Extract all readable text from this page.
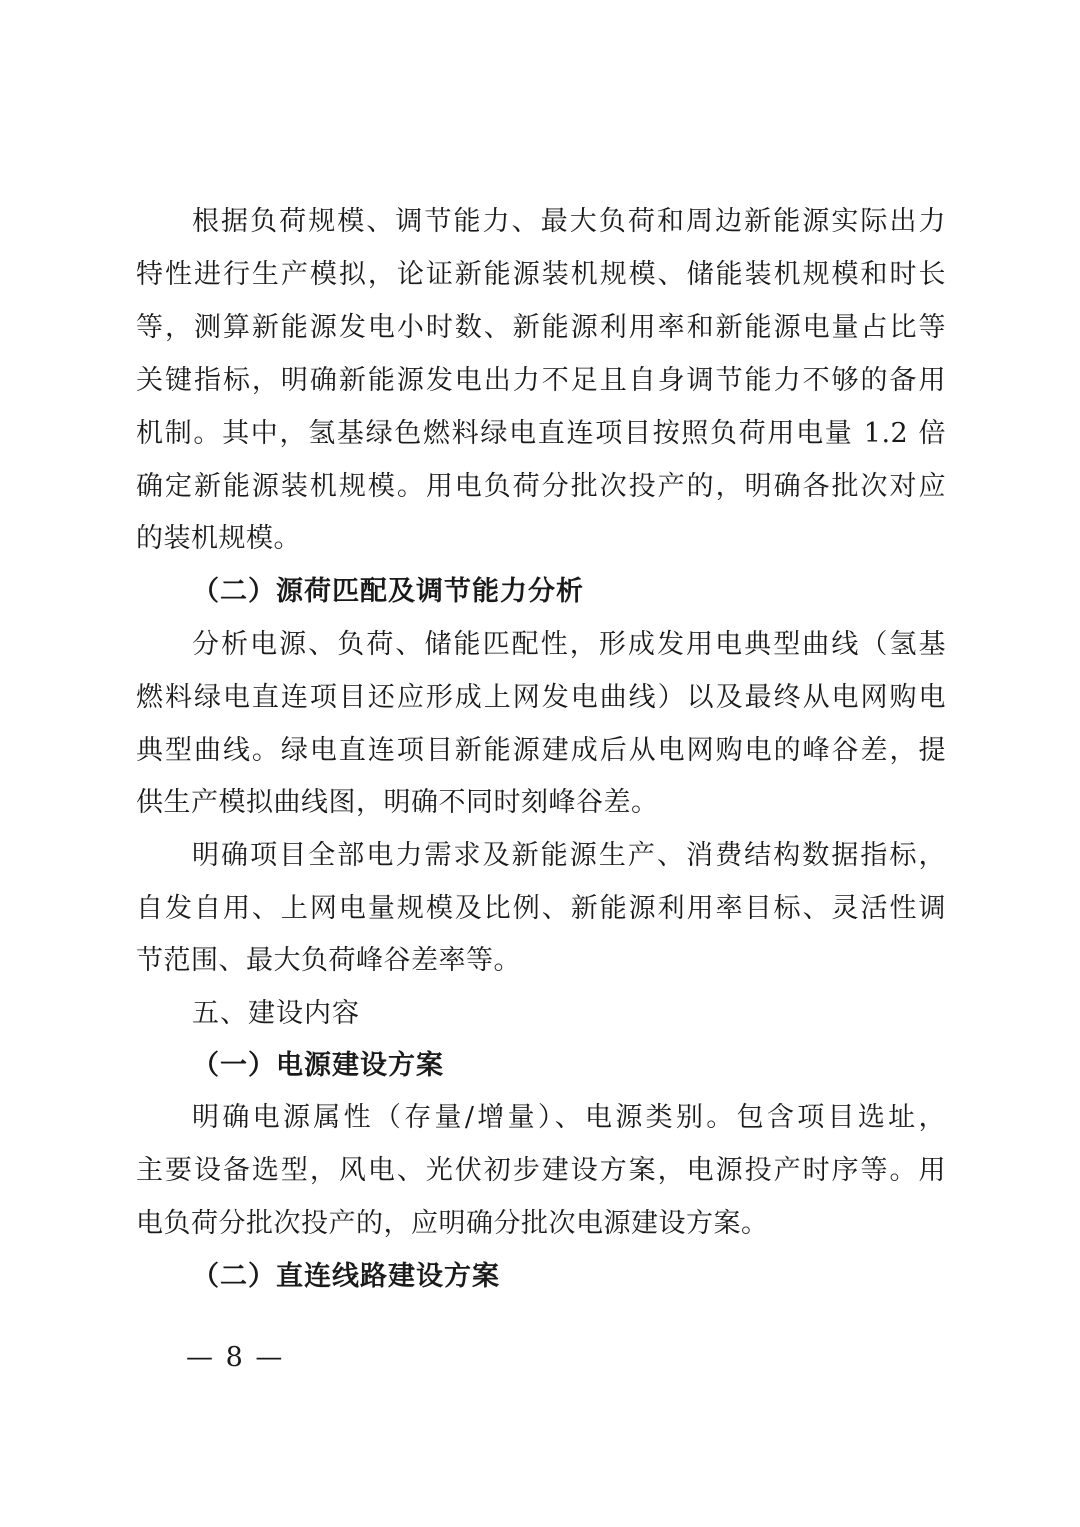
根据负荷规模、调节能力、最大负荷和周边新能源实际出力
特性进行生产模拟，论证新能源装机规模、储能装机规模和时长
等，测算新能源发电小时数、新能源利用率和新能源电量占比等
关键指标，明确新能源发电出力不足且自身调节能力不够的备用
机制。其中，氢基绿色燃料绿电直连项目按照负荷用电量 1.2 倍
确定新能源装机规模。用电负荷分批次投产的，明确各批次对应
的装机规模。
（二）源荷匹配及调节能力分析
分析电源、负荷、储能匹配性，形成发用电典型曲线（氢基
燃料绿电直连项目还应形成上网发电曲线）以及最终从电网购电
典型曲线。绿电直连项目新能源建成后从电网购电的峰谷差，提
供生产模拟曲线图，明确不同时刻峰谷差。
明确项目全部电力需求及新能源生产、消费结构数据指标，
自发自用、上网电量规模及比例、新能源利用率目标、灵活性调
节范围、最大负荷峰谷差率等。
五、建设内容
（一）电源建设方案
明确电源属性（存量/增量）、电源类别。包含项目选址，
主要设备选型，风电、光伏初步建设方案，电源投产时序等。用
电负荷分批次投产的，应明确分批次电源建设方案。
（二）直连线路建设方案
— 8 —
